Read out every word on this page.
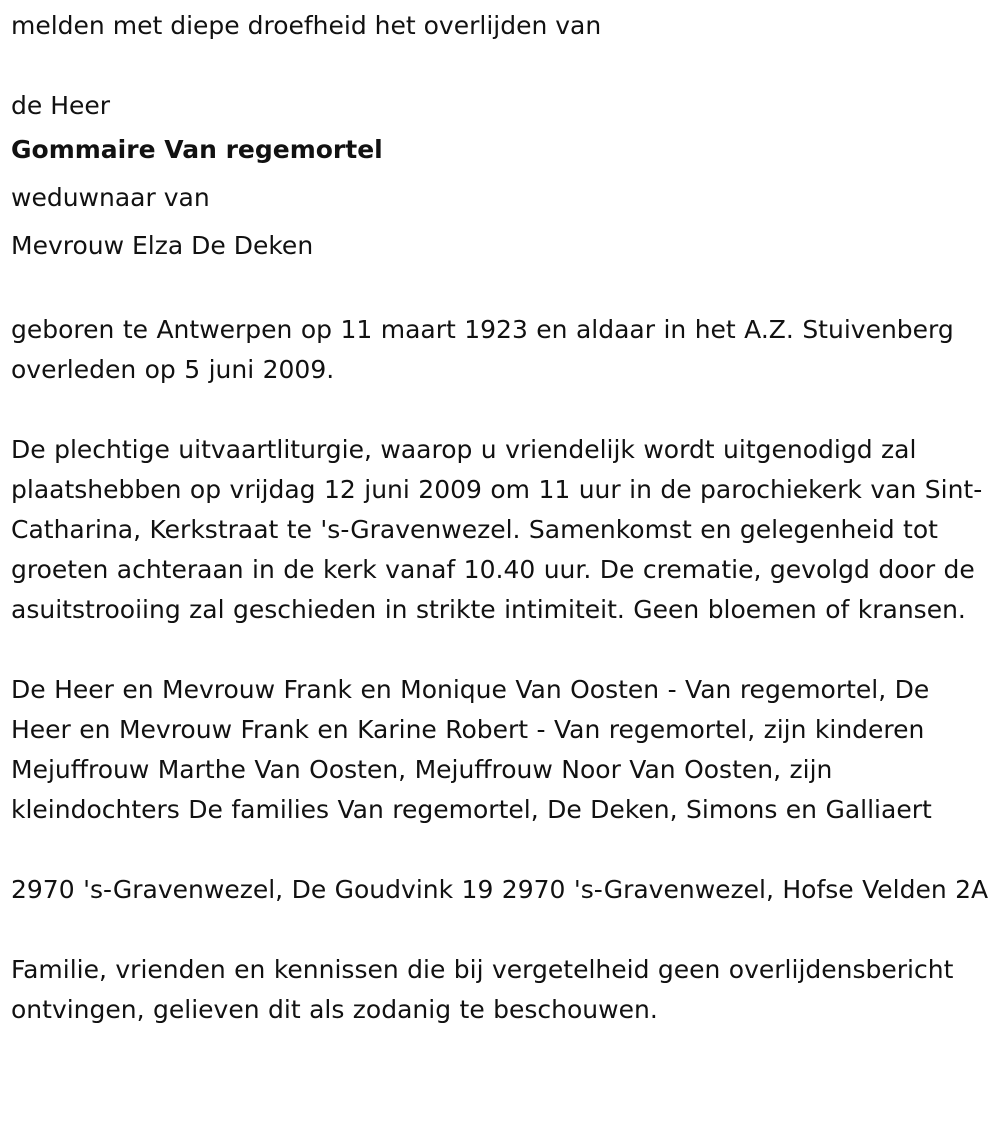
melden met diepe droefheid het overlijden van

de Heer

Gommaire Van regemortel

weduwnaar van

Mevrouw Elza De Deken

geboren te Antwerpen op 11 maart 1923 en aldaar in het A.Z. Stuivenberg overleden op 5 juni 2009.

De plechtige uitvaartliturgie, waarop u vriendelijk wordt uitgenodigd zal plaatshebben op vrijdag 12 juni 2009 om 11 uur in de parochiekerk van Sint-Catharina, Kerkstraat te 's-Gravenwezel. Samenkomst en gelegenheid tot groeten achteraan in de kerk vanaf 10.40 uur. De crematie, gevolgd door de asuitstrooiing zal geschieden in strikte intimiteit. Geen bloemen of kransen.

De Heer en Mevrouw Frank en Monique Van Oosten - Van regemortel, De Heer en Mevrouw Frank en Karine Robert - Van regemortel, zijn kinderen Mejuffrouw Marthe Van Oosten, Mejuffrouw Noor Van Oosten, zijn kleindochters De families Van regemortel, De Deken, Simons en Galliaert

2970 's-Gravenwezel, De Goudvink 19 2970 's-Gravenwezel, Hofse Velden 2A

Familie, vrienden en kennissen die bij vergetelheid geen overlijdensbericht ontvingen, gelieven dit als zodanig te beschouwen.
